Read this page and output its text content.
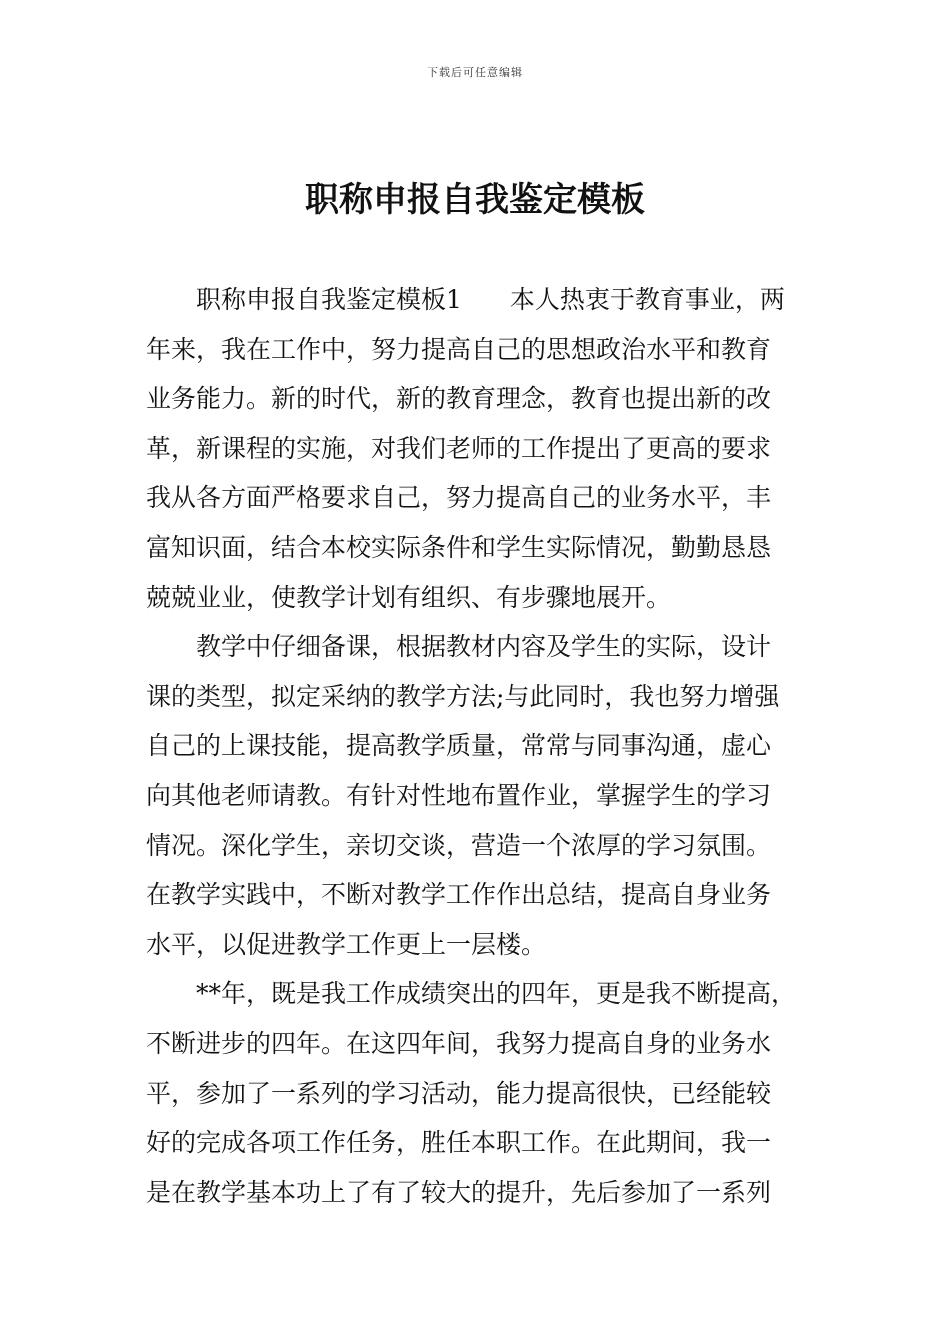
下载后可任意编辑
职称申报自我鉴定模板
职称申报自我鉴定模板1 本人热衷于教育事业，两
年来，我在工作中，努力提高自己的思想政治水平和教育
业务能力。新的时代，新的教育理念，教育也提出新的改
革，新课程的实施，对我们老师的工作提出了更高的要求
我从各方面严格要求自己，努力提高自己的业务水平，丰
富知识面，结合本校实际条件和学生实际情况，勤勤恳恳
兢兢业业，使教学计划有组织、有步骤地展开。
教学中仔细备课，根据教材内容及学生的实际，设计
课的类型，拟定采纳的教学方法;与此同时，我也努力增强
自己的上课技能，提高教学质量，常常与同事沟通，虚心
向其他老师请教。有针对性地布置作业，掌握学生的学习
情况。深化学生，亲切交谈，营造一个浓厚的学习氛围。
在教学实践中，不断对教学工作作出总结，提高自身业务
水平，以促进教学工作更上一层楼。
**年，既是我工作成绩突出的四年，更是我不断提高，
不断进步的四年。在这四年间，我努力提高自身的业务水
平，参加了一系列的学习活动，能力提高很快，已经能较
好的完成各项工作任务，胜任本职工作。在此期间，我一
是在教学基本功上了有了较大的提升，先后参加了一系列
